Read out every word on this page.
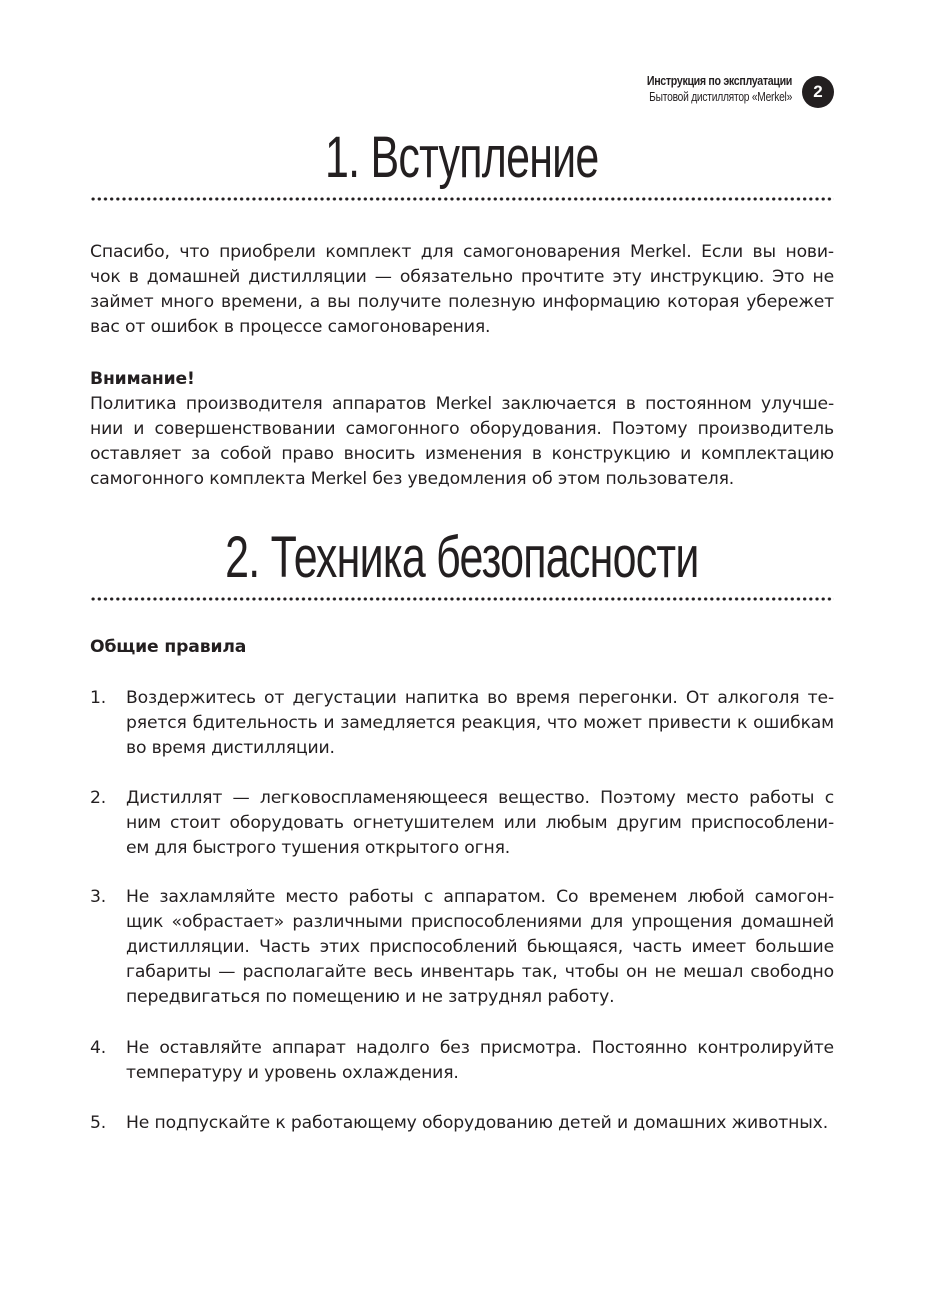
Инструкция по эксплуатации
Бытовой дистиллятор «Merkel»	2
1. Вступление
Спасибо, что приобрели комплект для самогоноварения Merkel. Если вы нови-
чок в домашней дистилляции — обязательно прочтите эту инструкцию. Это не
займет много времени, а вы получите полезную информацию которая убережет
вас от ошибок в процессе самогоноварения.
Внимание!
Политика производителя аппаратов Merkel заключается в постоянном улучше-
нии и совершенствовании самогонного оборудования. Поэтому производитель
оставляет за собой право вносить изменения в конструкцию и комплектацию
самогонного комплекта Merkel без уведомления об этом пользователя.
2. Техника безопасности
Общие правила
1. Воздержитесь от дегустации напитка во время перегонки. От алкоголя те-
ряется бдительность и замедляется реакция, что может привести к ошибкам
во время дистилляции.
2. Дистиллят — легковоспламеняющееся вещество. Поэтому место работы с
ним стоит оборудовать огнетушителем или любым другим приспособлени-
ем для быстрого тушения открытого огня.
3. Не захламляйте место работы с аппаратом. Со временем любой самогон-
щик «обрастает» различными приспособлениями для упрощения домашней
дистилляции. Часть этих приспособлений бьющаяся, часть имеет большие
габариты — располагайте весь инвентарь так, чтобы он не мешал свободно
передвигаться по помещению и не затруднял работу.
4. Не оставляйте аппарат надолго без присмотра. Постоянно контролируйте
температуру и уровень охлаждения.
5. Не подпускайте к работающему оборудованию детей и домашних животных.
